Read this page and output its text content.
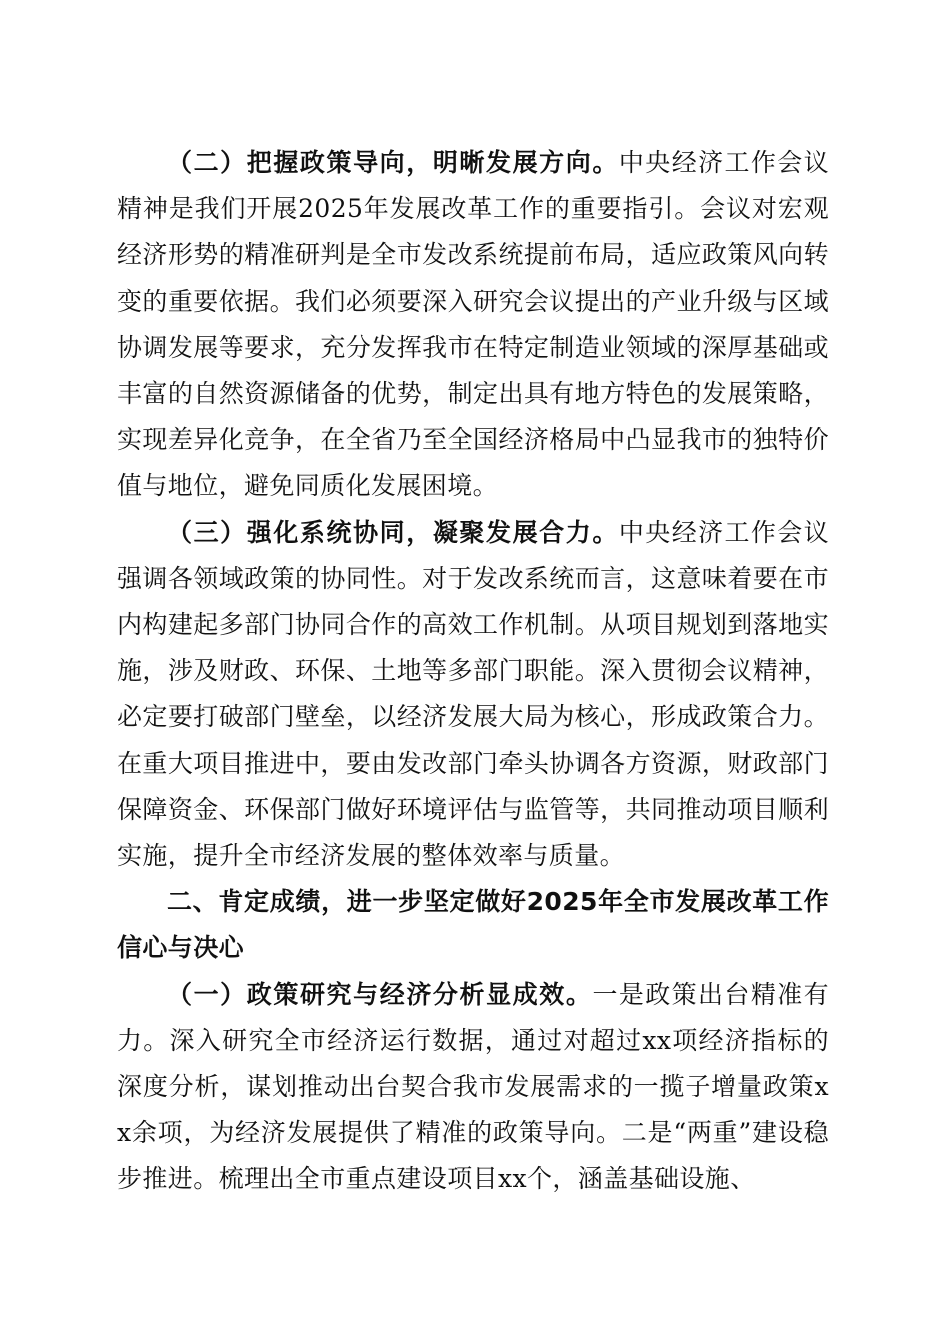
（二）把握政策导向，明晰发展方向。中央经济工作会议精神是我们开展2025年发展改革工作的重要指引。会议对宏观经济形势的精准研判是全市发改系统提前布局，适应政策风向转变的重要依据。我们必须要深入研究会议提出的产业升级与区域协调发展等要求，充分发挥我市在特定制造业领域的深厚基础或丰富的自然资源储备的优势，制定出具有地方特色的发展策略，实现差异化竞争，在全省乃至全国经济格局中凸显我市的独特价值与地位，避免同质化发展困境。

（三）强化系统协同，凝聚发展合力。中央经济工作会议强调各领域政策的协同性。对于发改系统而言，这意味着要在市内构建起多部门协同合作的高效工作机制。从项目规划到落地实施，涉及财政、环保、土地等多部门职能。深入贯彻会议精神，必定要打破部门壁垒，以经济发展大局为核心，形成政策合力。在重大项目推进中，要由发改部门牵头协调各方资源，财政部门保障资金、环保部门做好环境评估与监管等，共同推动项目顺利实施，提升全市经济发展的整体效率与质量。

二、肯定成绩，进一步坚定做好2025年全市发展改革工作信心与决心

（一）政策研究与经济分析显成效。一是政策出台精准有力。深入研究全市经济运行数据，通过对超过xx项经济指标的深度分析，谋划推动出台契合我市发展需求的一揽子增量政策xx余项，为经济发展提供了精准的政策导向。二是“两重”建设稳步推进。梳理出全市重点建设项目xx个，涵盖基础设施、
